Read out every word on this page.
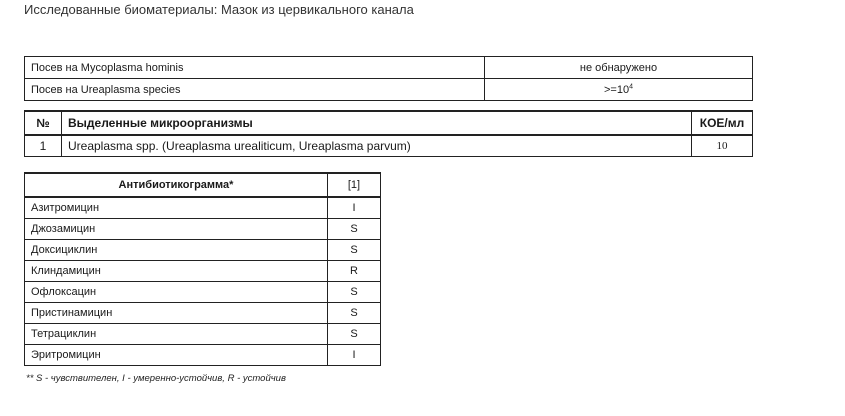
Исследованные биоматериалы: Мазок из цервикального канала
Посев на Mycoplasma hominis	не обнаружено
Посев на Ureaplasma species	$>=10^4$
№	Выделенные микроорганизмы	КОЕ/мл
1	Ureaplasma spp. (Ureaplasma urealiticum, Ureaplasma parvum)	10
Антибиотикограмма*	[1]
Азитромицин	I
Джозамицин	S
Доксициклин	S
Клиндамицин	R
Офлоксацин	S
Пристинамицин	S
Тетрациклин	S
Эритромицин	I
** S - чувствителен, I - умеренно-устойчив, R - устойчив
